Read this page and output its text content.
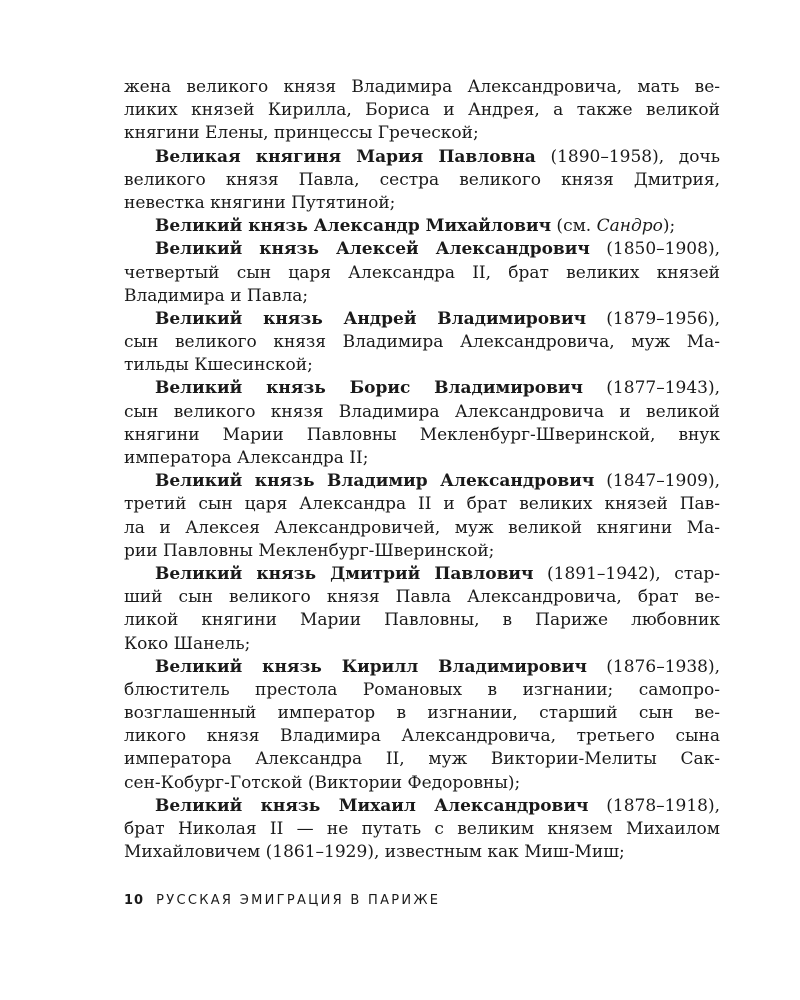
жена великого князя Владимира Александровича, мать ве-
ликих князей Кирилла, Бориса и Андрея, а также великой
княгини Елены, принцессы Греческой;
Великая княгиня Мария Павловна (1890–1958), дочь
великого князя Павла, сестра великого князя Дмитрия,
невестка княгини Путятиной;
Великий князь Александр Михайлович (см. Сандро);
Великий князь Алексей Александрович (1850–1908),
четвертый сын царя Александра II, брат великих князей
Владимира и Павла;
Великий князь Андрей Владимирович (1879–1956),
сын великого князя Владимира Александровича, муж Ма-
тильды Кшесинской;
Великий князь Борис Владимирович (1877–1943),
сын великого князя Владимира Александровича и великой
княгини Марии Павловны Мекленбург-Шверинской, внук
императора Александра II;
Великий князь Владимир Александрович (1847–1909),
третий сын царя Александра II и брат великих князей Пав-
ла и Алексея Александровичей, муж великой княгини Ма-
рии Павловны Мекленбург-Шверинской;
Великий князь Дмитрий Павлович (1891–1942), стар-
ший сын великого князя Павла Александровича, брат ве-
ликой княгини Марии Павловны, в Париже любовник
Коко Шанель;
Великий князь Кирилл Владимирович (1876–1938),
блюститель престола Романовых в изгнании; самопро-
возглашенный император в изгнании, старший сын ве-
ликого князя Владимира Александровича, третьего сына
императора Александра II, муж Виктории-Мелиты Сак-
сен-Кобург-Готской (Виктории Федоровны);
Великий князь Михаил Александрович (1878–1918),
брат Николая II — не путать с великим князем Михаилом
Михайловичем (1861–1929), известным как Миш-Миш;
10 РУССКАЯ ЭМИГРАЦИЯ В ПАРИЖЕ
